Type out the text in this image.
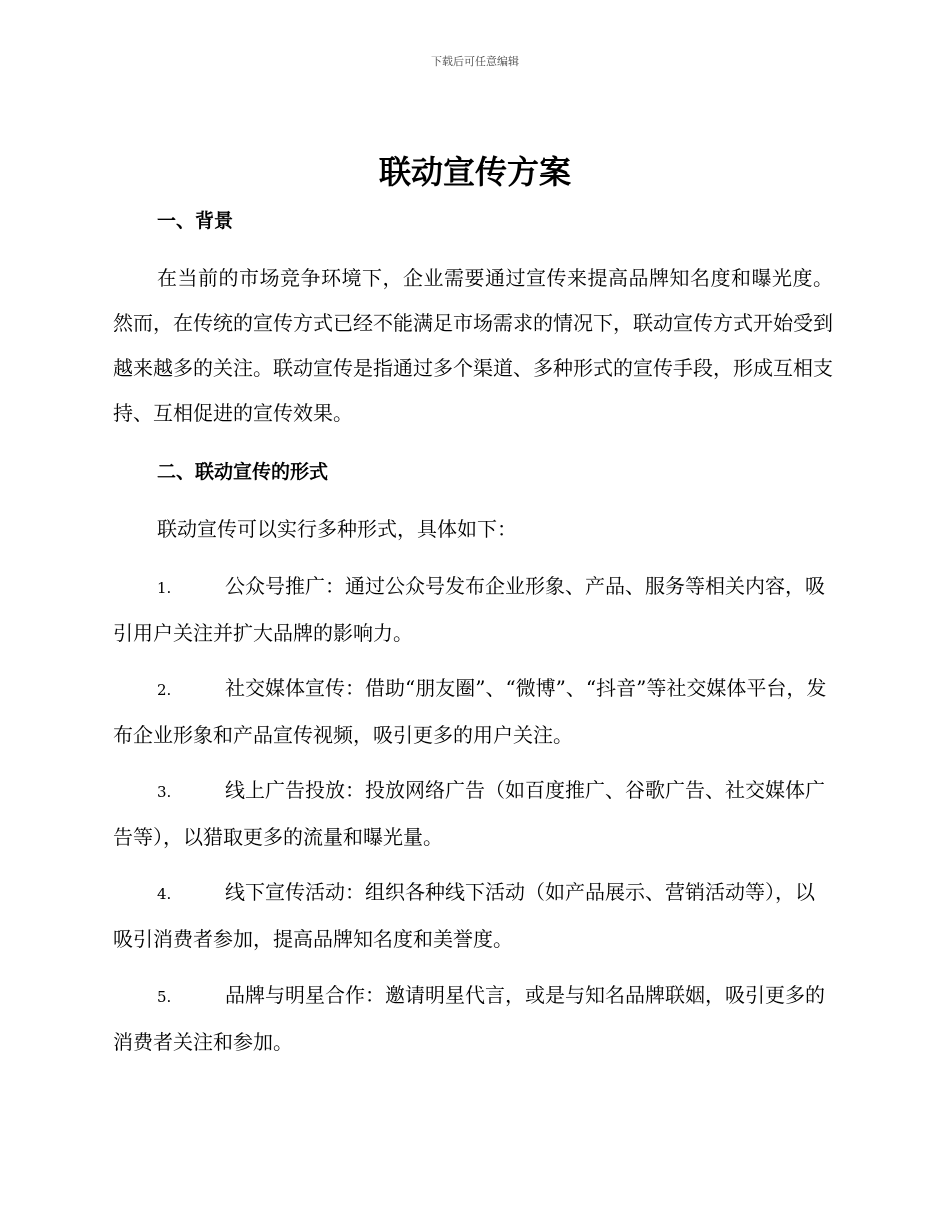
下载后可任意编辑
联动宣传方案
一、背景

在当前的市场竞争环境下，企业需要通过宣传来提高品牌知名度和曝光度。然而，在传统的宣传方式已经不能满足市场需求的情况下，联动宣传方式开始受到越来越多的关注。联动宣传是指通过多个渠道、多种形式的宣传手段，形成互相支持、互相促进的宣传效果。

二、联动宣传的形式

联动宣传可以实行多种形式，具体如下：

1.	公众号推广：通过公众号发布企业形象、产品、服务等相关内容，吸引用户关注并扩大品牌的影响力。
2.	社交媒体宣传：借助“朋友圈”、“微博”、“抖音”等社交媒体平台，发布企业形象和产品宣传视频，吸引更多的用户关注。
3.	线上广告投放：投放网络广告（如百度推广、谷歌广告、社交媒体广告等），以猎取更多的流量和曝光量。
4.	线下宣传活动：组织各种线下活动（如产品展示、营销活动等），以吸引消费者参加，提高品牌知名度和美誉度。
5.	品牌与明星合作：邀请明星代言，或是与知名品牌联姻，吸引更多的消费者关注和参加。
